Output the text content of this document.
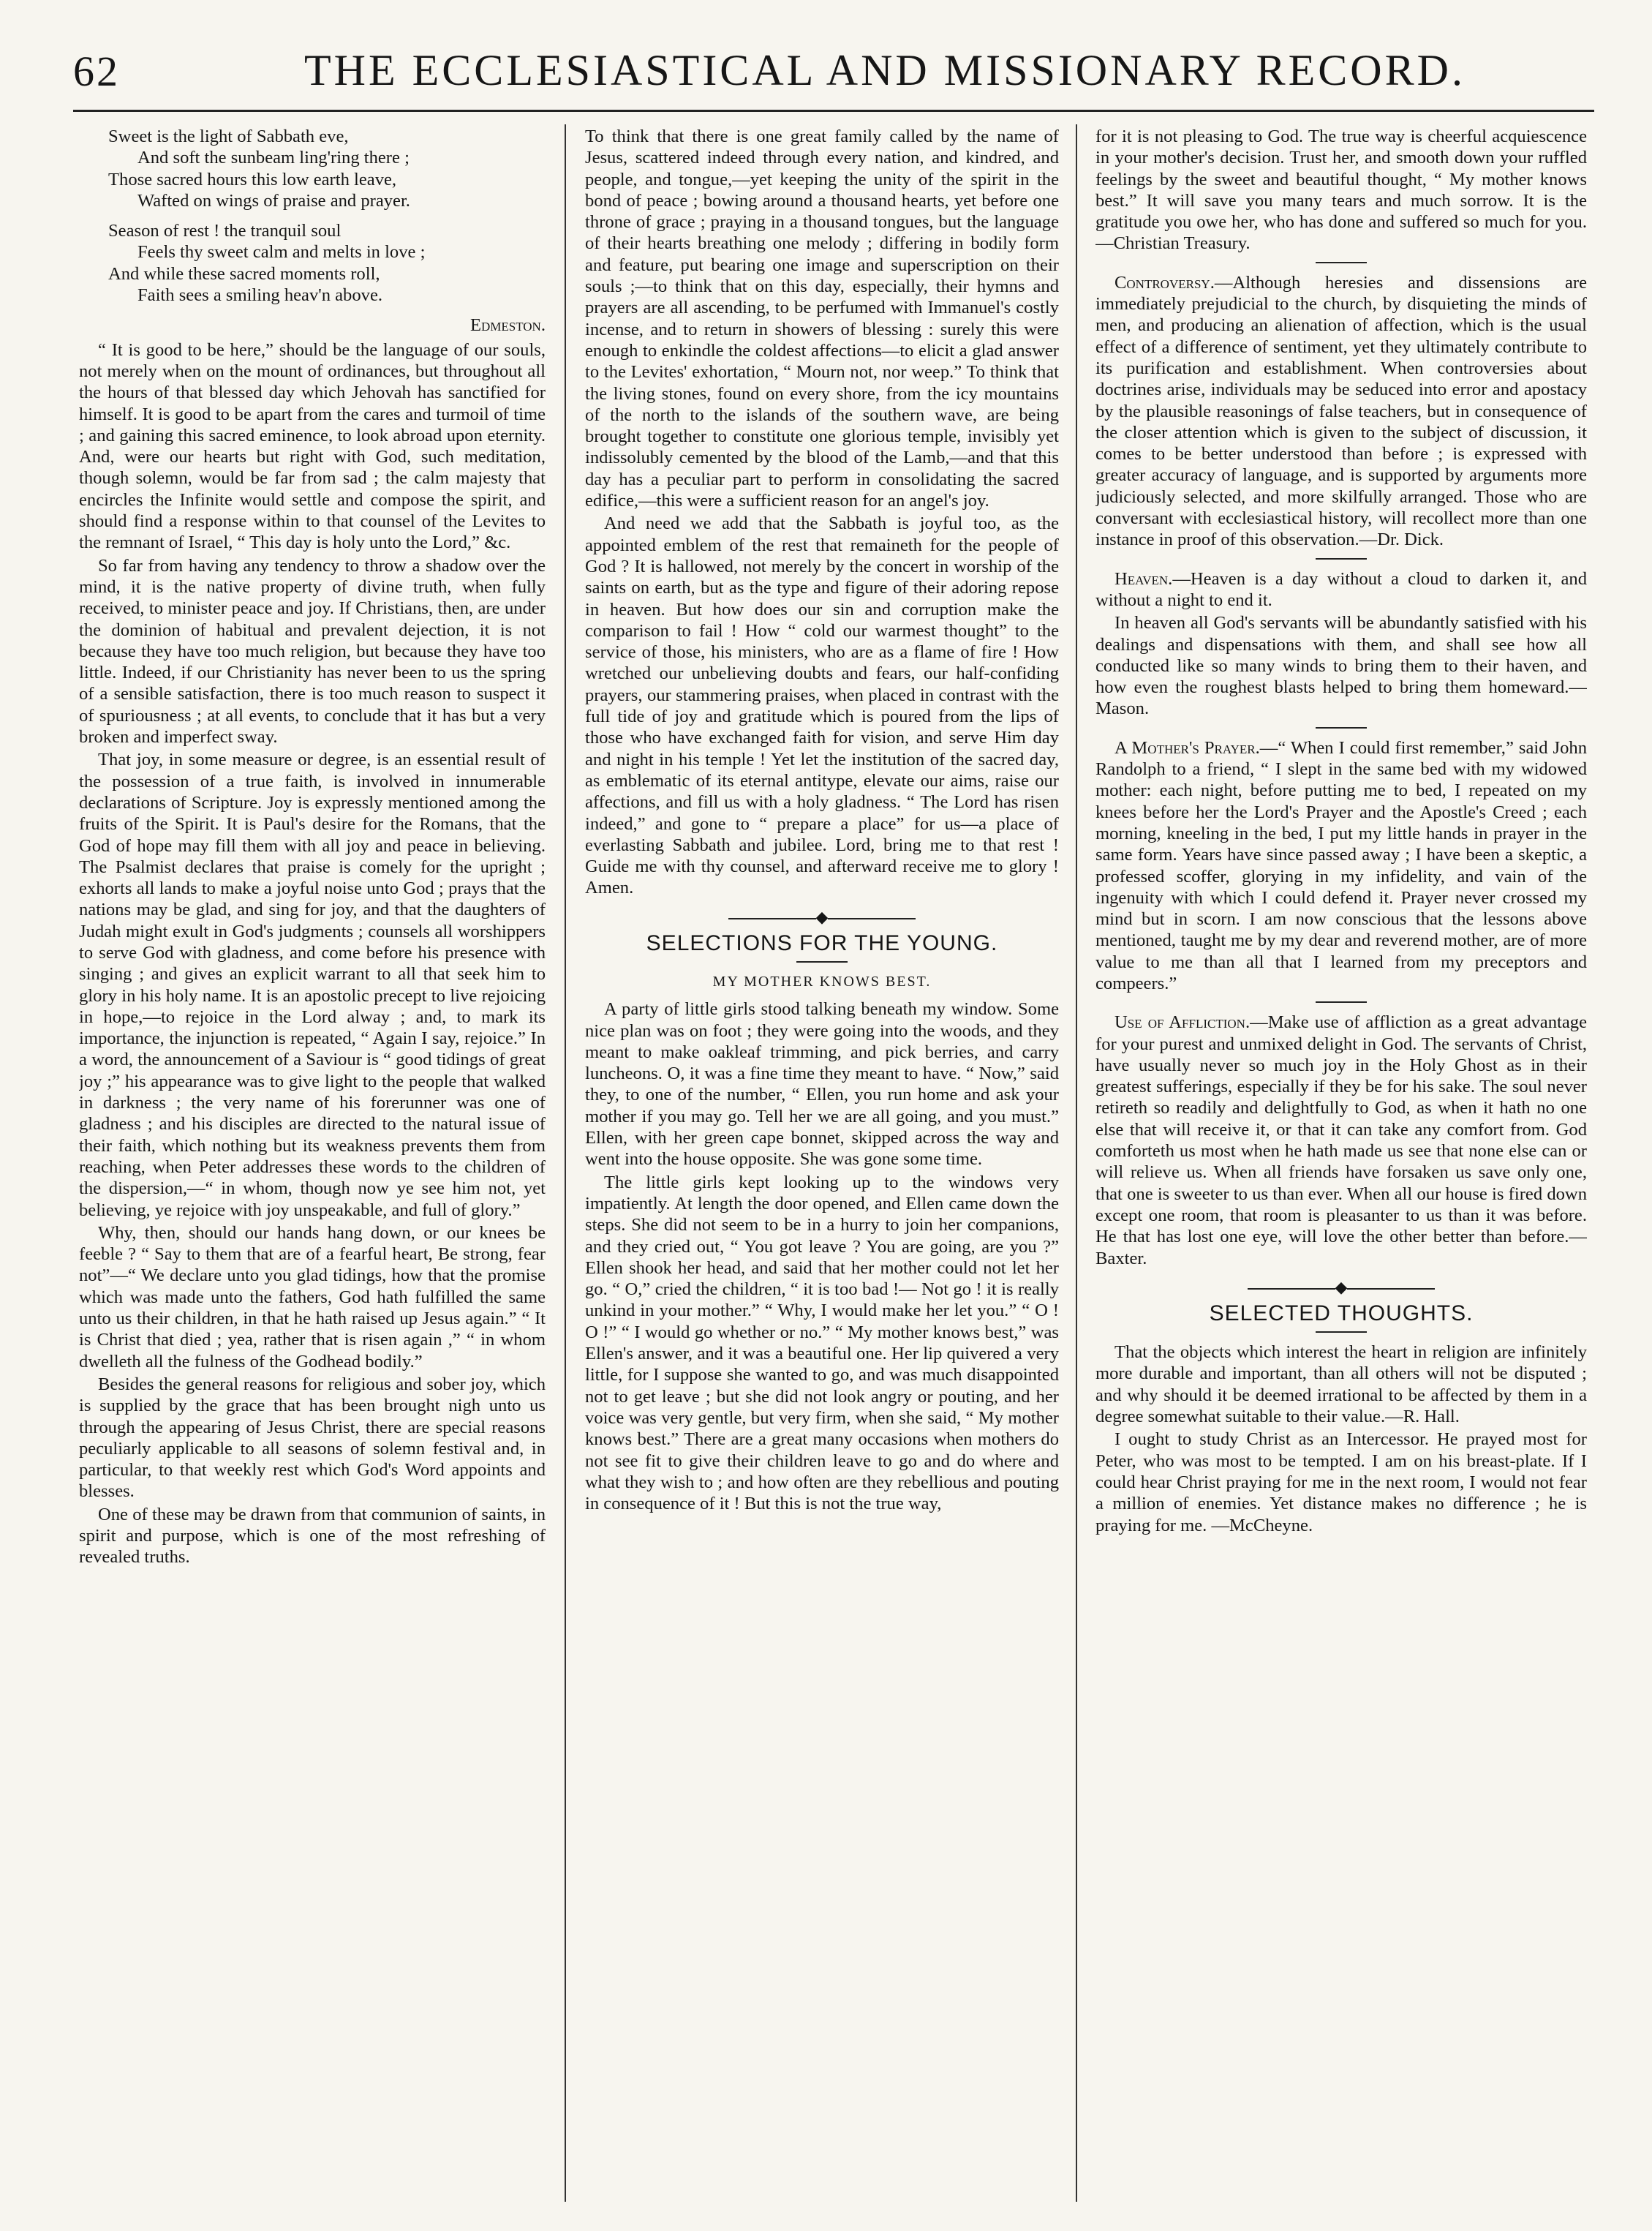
62	THE ECCLESIASTICAL AND MISSIONARY RECORD.
Sweet is the light of Sabbath eve,
And soft the sunbeam ling'ring there ;
Those sacred hours this low earth leave,
Wafted on wings of praise and prayer.
Season of rest ! the tranquil soul
Feels thy sweet calm and melts in love ;
And while these sacred moments roll,
Faith sees a smiling heav'n above.
Edmeston.

“ It is good to be here,” should be the language of our souls, not merely when on the mount of ordinances, but throughout all the hours of that blessed day which Jehovah has sanctified for himself. It is good to be apart from the cares and turmoil of time ; and gaining this sacred eminence, to look abroad upon eternity. And, were our hearts but right with God, such meditation, though solemn, would be far from sad ; the calm majesty that encircles the Infinite would settle and compose the spirit, and should find a response within to that counsel of the Levites to the remnant of Israel, “ This day is holy unto the Lord,” &c.

So far from having any tendency to throw a shadow over the mind, it is the native property of divine truth, when fully received, to minister peace and joy. If Christians, then, are under the dominion of habitual and prevalent dejection, it is not because they have too much religion, but because they have too little. Indeed, if our Christianity has never been to us the spring of a sensible satisfaction, there is too much reason to suspect it of spuriousness ; at all events, to conclude that it has but a very broken and imperfect sway.

That joy, in some measure or degree, is an essential result of the possession of a true faith, is involved in innumerable declarations of Scripture. Joy is expressly mentioned among the fruits of the Spirit. It is Paul's desire for the Romans, that the God of hope may fill them with all joy and peace in believing. The Psalmist declares that praise is comely for the upright ; exhorts all lands to make a joyful noise unto God ; prays that the nations may be glad, and sing for joy, and that the daughters of Judah might exult in God's judgments ; counsels all worshippers to serve God with gladness, and come before his presence with singing ; and gives an explicit warrant to all that seek him to glory in his holy name. It is an apostolic precept to live rejoicing in hope,—to rejoice in the Lord alway ; and, to mark its importance, the injunction is repeated, “ Again I say, rejoice.” In a word, the announcement of a Saviour is “ good tidings of great joy ;” his appearance was to give light to the people that walked in darkness ; the very name of his forerunner was one of gladness ; and his disciples are directed to the natural issue of their faith, which nothing but its weakness prevents them from reaching, when Peter addresses these words to the children of the dispersion,—“ in whom, though now ye see him not, yet believing, ye rejoice with joy unspeakable, and full of glory.”

Why, then, should our hands hang down, or our knees be feeble ? “ Say to them that are of a fearful heart, Be strong, fear not”—“ We declare unto you glad tidings, how that the promise which was made unto the fathers, God hath fulfilled the same unto us their children, in that he hath raised up Jesus again.” “ It is Christ that died ; yea, rather that is risen again ,” “ in whom dwelleth all the fulness of the Godhead bodily.”

Besides the general reasons for religious and sober joy, which is supplied by the grace that has been brought nigh unto us through the appearing of Jesus Christ, there are special reasons peculiarly applicable to all seasons of solemn festival and, in particular, to that weekly rest which God's Word appoints and blesses.

One of these may be drawn from that communion of saints, in spirit and purpose, which is one of the most refreshing of revealed truths.

To think that there is one great family called by the name of Jesus, scattered indeed through every nation, and kindred, and people, and tongue,—yet keeping the unity of the spirit in the bond of peace ; bowing around a thousand hearts, yet before one throne of grace ; praying in a thousand tongues, but the language of their hearts breathing one melody ; differing in bodily form and feature, put bearing one image and superscription on their souls ;—to think that on this day, especially, their hymns and prayers are all ascending, to be perfumed with Immanuel's costly incense, and to return in showers of blessing : surely this were enough to enkindle the coldest affections—to elicit a glad answer to the Levites' exhortation, “ Mourn not, nor weep.” To think that the living stones, found on every shore, from the icy mountains of the north to the islands of the southern wave, are being brought together to constitute one glorious temple, invisibly yet indissolubly cemented by the blood of the Lamb,—and that this day has a peculiar part to perform in consolidating the sacred edifice,—this were a sufficient reason for an angel's joy.

And need we add that the Sabbath is joyful too, as the appointed emblem of the rest that remaineth for the people of God ? It is hallowed, not merely by the concert in worship of the saints on earth, but as the type and figure of their adoring repose in heaven. But how does our sin and corruption make the comparison to fail ! How “ cold our warmest thought” to the service of those, his ministers, who are as a flame of fire ! How wretched our unbelieving doubts and fears, our half-confiding prayers, our stammering praises, when placed in contrast with the full tide of joy and gratitude which is poured from the lips of those who have exchanged faith for vision, and serve Him day and night in his temple ! Yet let the institution of the sacred day, as emblematic of its eternal antitype, elevate our aims, raise our affections, and fill us with a holy gladness. “ The Lord has risen indeed,” and gone to “ prepare a place” for us—a place of everlasting Sabbath and jubilee. Lord, bring me to that rest ! Guide me with thy counsel, and afterward receive me to glory ! Amen.

◆
SELECTIONS FOR THE YOUNG.
MY MOTHER KNOWS BEST.

A party of little girls stood talking beneath my window. Some nice plan was on foot ; they were going into the woods, and they meant to make oakleaf trimming, and pick berries, and carry luncheons. O, it was a fine time they meant to have. “ Now,” said they, to one of the number, “ Ellen, you run home and ask your mother if you may go. Tell her we are all going, and you must.” Ellen, with her green cape bonnet, skipped across the way and went into the house opposite. She was gone some time.

The little girls kept looking up to the windows very impatiently. At length the door opened, and Ellen came down the steps. She did not seem to be in a hurry to join her companions, and they cried out, “ You got leave ? You are going, are you ?” Ellen shook her head, and said that her mother could not let her go. “ O,” cried the children, “ it is too bad !— Not go ! it is really unkind in your mother.” “ Why, I would make her let you.” “ O ! O !” “ I would go whether or no.” “ My mother knows best,” was Ellen's answer, and it was a beautiful one. Her lip quivered a very little, for I suppose she wanted to go, and was much disappointed not to get leave ; but she did not look angry or pouting, and her voice was very gentle, but very firm, when she said, “ My mother knows best.” There are a great many occasions when mothers do not see fit to give their children leave to go and do where and what they wish to ; and how often are they rebellious and pouting in consequence of it ! But this is not the true way,

for it is not pleasing to God. The true way is cheerful acquiescence in your mother's decision. Trust her, and smooth down your ruffled feelings by the sweet and beautiful thought, “ My mother knows best.” It will save you many tears and much sorrow. It is the gratitude you owe her, who has done and suffered so much for you.—Christian Treasury.

Controversy.—Although heresies and dissensions are immediately prejudicial to the church, by disquieting the minds of men, and producing an alienation of affection, which is the usual effect of a difference of sentiment, yet they ultimately contribute to its purification and establishment. When controversies about doctrines arise, individuals may be seduced into error and apostacy by the plausible reasonings of false teachers, but in consequence of the closer attention which is given to the subject of discussion, it comes to be better understood than before ; is expressed with greater accuracy of language, and is supported by arguments more judiciously selected, and more skilfully arranged. Those who are conversant with ecclesiastical history, will recollect more than one instance in proof of this observation.—Dr. Dick.

Heaven.—Heaven is a day without a cloud to darken it, and without a night to end it.

In heaven all God's servants will be abundantly satisfied with his dealings and dispensations with them, and shall see how all conducted like so many winds to bring them to their haven, and how even the roughest blasts helped to bring them homeward.—Mason.

A Mother's Prayer.—“ When I could first remember,” said John Randolph to a friend, “ I slept in the same bed with my widowed mother: each night, before putting me to bed, I repeated on my knees before her the Lord's Prayer and the Apostle's Creed ; each morning, kneeling in the bed, I put my little hands in prayer in the same form. Years have since passed away ; I have been a skeptic, a professed scoffer, glorying in my infidelity, and vain of the ingenuity with which I could defend it. Prayer never crossed my mind but in scorn. I am now conscious that the lessons above mentioned, taught me by my dear and reverend mother, are of more value to me than all that I learned from my preceptors and compeers.”

Use of Affliction.—Make use of affliction as a great advantage for your purest and unmixed delight in God. The servants of Christ, have usually never so much joy in the Holy Ghost as in their greatest sufferings, especially if they be for his sake. The soul never retireth so readily and delightfully to God, as when it hath no one else that will receive it, or that it can take any comfort from. God comforteth us most when he hath made us see that none else can or will relieve us. When all friends have forsaken us save only one, that one is sweeter to us than ever. When all our house is fired down except one room, that room is pleasanter to us than it was before. He that has lost one eye, will love the other better than before.—Baxter.

◆
SELECTED THOUGHTS.

That the objects which interest the heart in religion are infinitely more durable and important, than all others will not be disputed ; and why should it be deemed irrational to be affected by them in a degree somewhat suitable to their value.—R. Hall.

I ought to study Christ as an Intercessor. He prayed most for Peter, who was most to be tempted. I am on his breast-plate. If I could hear Christ praying for me in the next room, I would not fear a million of enemies. Yet distance makes no difference ; he is praying for me. —McCheyne.
